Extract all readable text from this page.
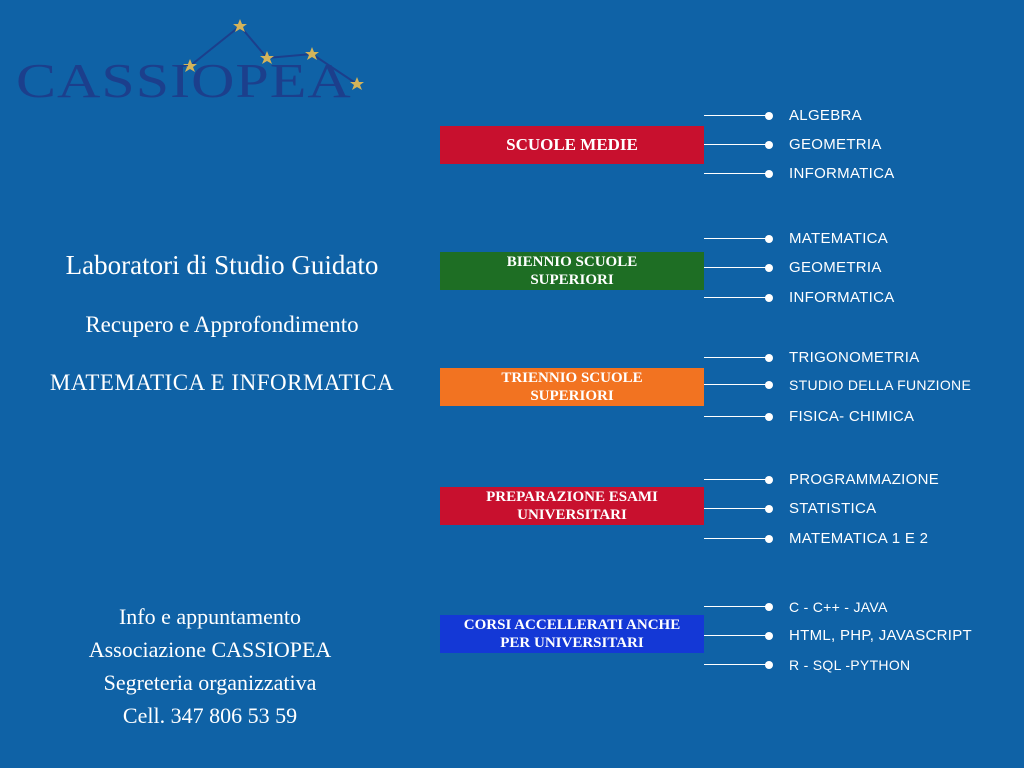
CASSIOPEA
Laboratori di Studio Guidato
Recupero e Approfondimento
MATEMATICA E INFORMATICA
Info e appuntamento
Associazione CASSIOPEA
Segreteria organizzativa
Cell. 347 806 53 59
SCUOLE MEDIE
BIENNIO SCUOLE
SUPERIORI
TRIENNIO SCUOLE
SUPERIORI
PREPARAZIONE ESAMI
UNIVERSITARI
CORSI ACCELLERATI ANCHE
PER UNIVERSITARI
ALGEBRA
GEOMETRIA
INFORMATICA
MATEMATICA
GEOMETRIA
INFORMATICA
TRIGONOMETRIA
STUDIO DELLA FUNZIONE
FISICA- CHIMICA
PROGRAMMAZIONE
STATISTICA
MATEMATICA 1 E 2
C - C++ - JAVA
HTML, PHP, JAVASCRIPT
R - SQL -PYTHON
